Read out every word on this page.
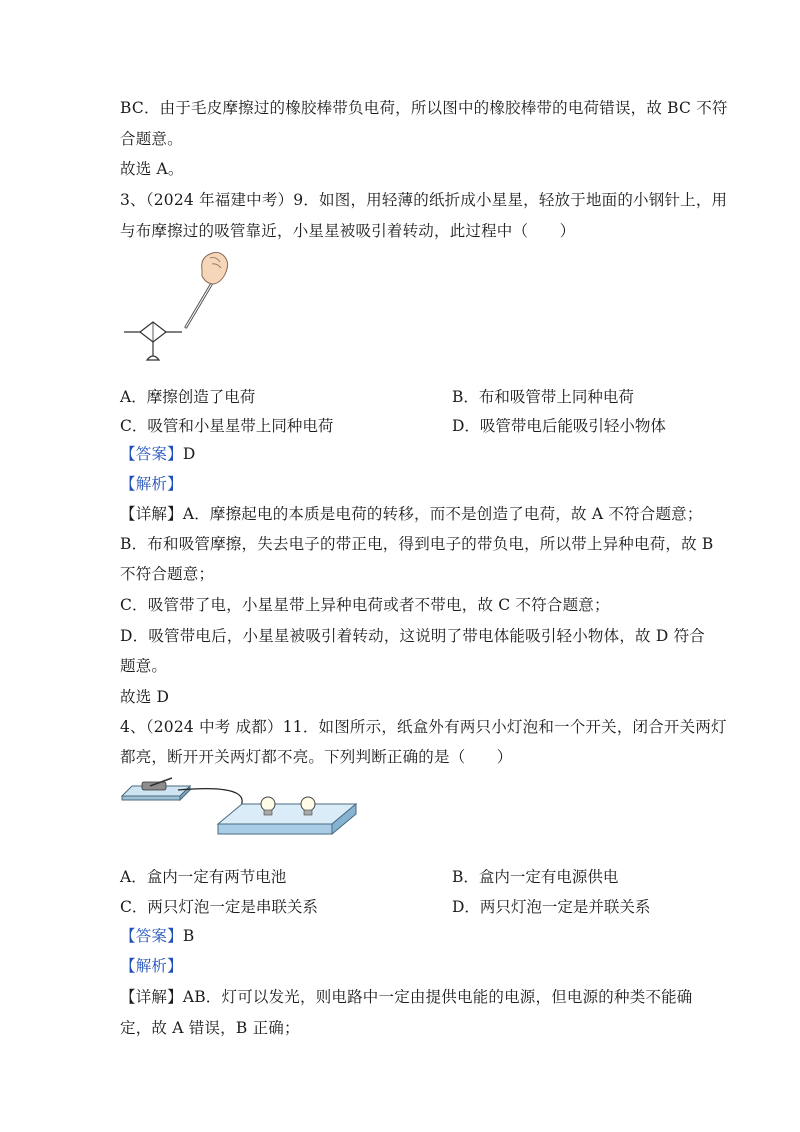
BC．由于毛皮摩擦过的橡胶棒带负电荷，所以图中的橡胶棒带的电荷错误，故 BC 不符
合题意。
故选 A。
3、（2024 年福建中考）9．如图，用轻薄的纸折成小星星，轻放于地面的小钢针上，用
与布摩擦过的吸管靠近，小星星被吸引着转动，此过程中（　　）
A．摩擦创造了电荷	B．布和吸管带上同种电荷
C．吸管和小星星带上同种电荷	D．吸管带电后能吸引轻小物体
【答案】D
【解析】
【详解】A．摩擦起电的本质是电荷的转移，而不是创造了电荷，故 A 不符合题意；
B．布和吸管摩擦，失去电子的带正电，得到电子的带负电，所以带上异种电荷，故 B
不符合题意；
C．吸管带了电，小星星带上异种电荷或者不带电，故 C 不符合题意；
D．吸管带电后，小星星被吸引着转动，这说明了带电体能吸引轻小物体，故 D 符合
题意。
故选 D
4、（2024 中考 成都）11．如图所示，纸盒外有两只小灯泡和一个开关，闭合开关两灯
都亮，断开开关两灯都不亮。下列判断正确的是（　　）
A．盒内一定有两节电池	B．盒内一定有电源供电
C．两只灯泡一定是串联关系	D．两只灯泡一定是并联关系
【答案】B
【解析】
【详解】AB．灯可以发光，则电路中一定由提供电能的电源，但电源的种类不能确
定，故 A 错误，B 正确；
